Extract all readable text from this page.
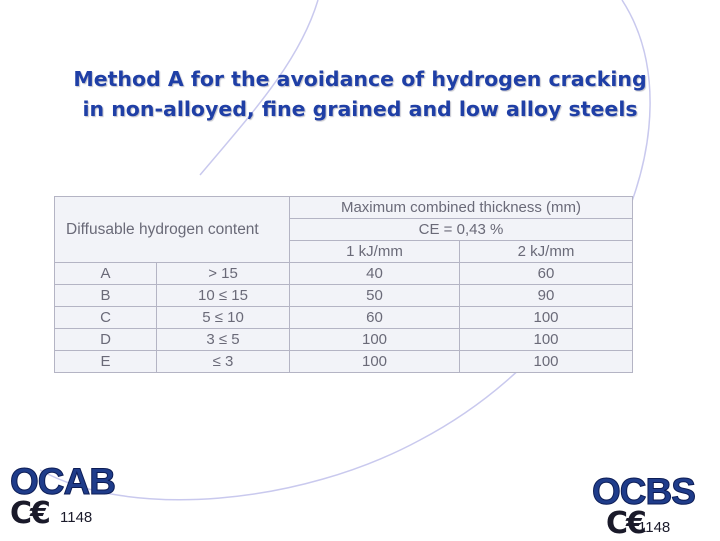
Method A for the avoidance of hydrogen cracking
in non-alloyed, fine grained and low alloy steels
Diffusable hydrogen content		Maximum combined thickness (mm)	
		CE = 0,43 %	
		1 kJ/mm	2 kJ/mm
A	> 15	40	60
B	10 ≤ 15	50	90
C	5 ≤ 10	60	100
D	3 ≤ 5	100	100
E	≤ 3	100	100
OCAB
C€ 1148
OCBS
C€
1148
